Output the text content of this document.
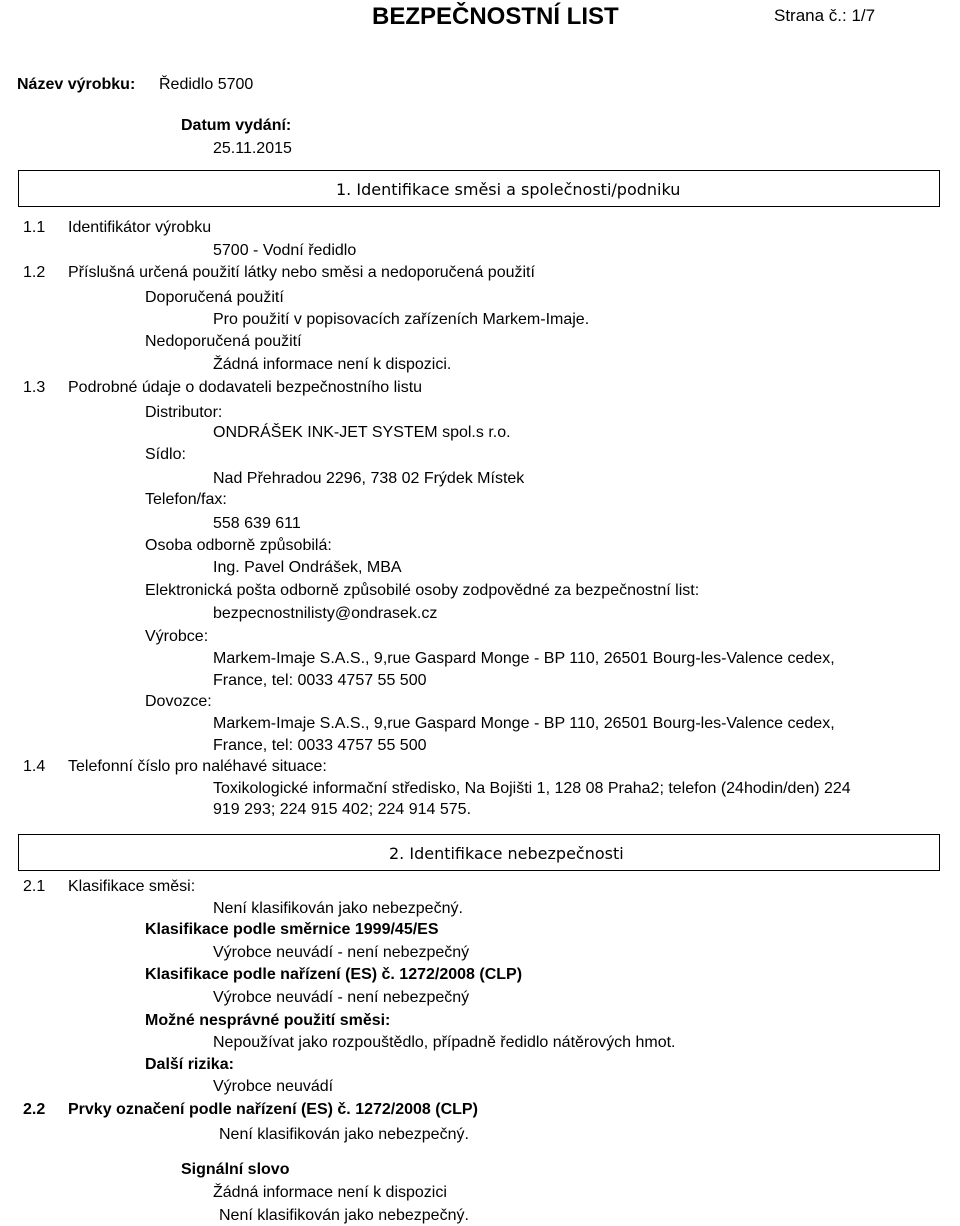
BEZPEČNOSTNÍ LIST	Strana č.: 1/7
Název výrobku: Ředidlo 5700
Datum vydání:
25.11.2015
1. Identifikace směsi a společnosti/podniku
1.1 Identifikátor výrobku
5700 - Vodní ředidlo
1.2 Příslušná určená použití látky nebo směsi a nedoporučená použití
Doporučená použití
Pro použití v popisovacích zařízeních Markem-Imaje.
Nedoporučená použití
Žádná informace není k dispozici.
1.3 Podrobné údaje o dodavateli bezpečnostního listu
Distributor:
ONDRÁŠEK INK-JET SYSTEM spol.s r.o.
Sídlo:
Nad Přehradou 2296, 738 02 Frýdek Místek
Telefon/fax:
558 639 611
Osoba odborně způsobilá:
Ing. Pavel Ondrášek, MBA
Elektronická pošta odborně způsobilé osoby zodpovědné za bezpečnostní list:
bezpecnostnilisty@ondrasek.cz
Výrobce:
Markem-Imaje S.A.S., 9,rue Gaspard Monge - BP 110, 26501 Bourg-les-Valence cedex,
France, tel: 0033 4757 55 500
Dovozce:
Markem-Imaje S.A.S., 9,rue Gaspard Monge - BP 110, 26501 Bourg-les-Valence cedex,
France, tel: 0033 4757 55 500
1.4 Telefonní číslo pro naléhavé situace:
Toxikologické informační středisko, Na Bojišti 1, 128 08 Praha2; telefon (24hodin/den) 224
919 293; 224 915 402; 224 914 575.
2. Identifikace nebezpečnosti
2.1 Klasifikace směsi:
Není klasifikován jako nebezpečný.
Klasifikace podle směrnice 1999/45/ES
Výrobce neuvádí - není nebezpečný
Klasifikace podle nařízení (ES) č. 1272/2008 (CLP)
Výrobce neuvádí - není nebezpečný
Možné nesprávné použití směsi:
Nepoužívat jako rozpouštědlo, případně ředidlo nátěrových hmot.
Další rizika:
Výrobce neuvádí
2.2 Prvky označení podle nařízení (ES) č. 1272/2008 (CLP)
Není klasifikován jako nebezpečný.
Signální slovo
Žádná informace není k dispozici
Není klasifikován jako nebezpečný.
